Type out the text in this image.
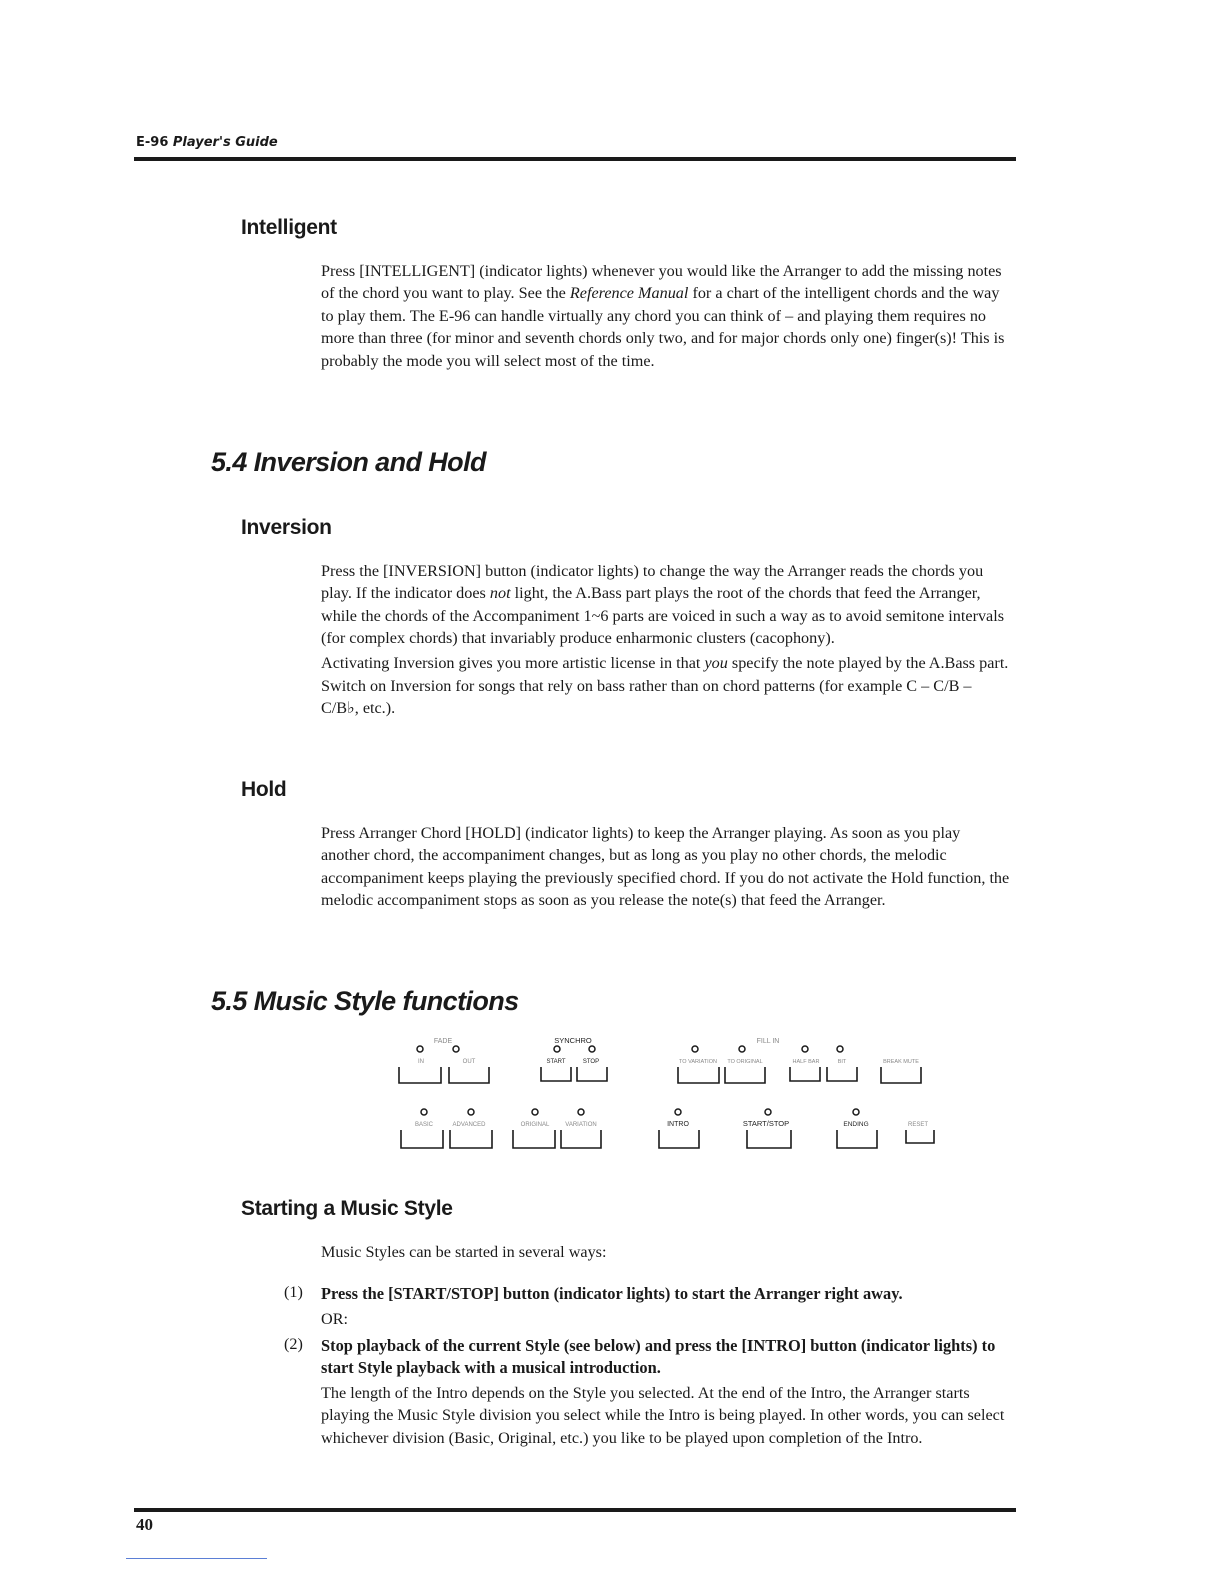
E-96 Player's Guide
Intelligent

Press [INTELLIGENT] (indicator lights) whenever you would like the Arranger to add the missing notes of the chord you want to play. See the Reference Manual for a chart of the intelligent chords and the way to play them. The E-96 can handle virtually any chord you can think of – and playing them requires no more than three (for minor and seventh chords only two, and for major chords only one) finger(s)! This is probably the mode you will select most of the time.

5.4 Inversion and Hold
Inversion

Press the [INVERSION] button (indicator lights) to change the way the Arranger reads the chords you play. If the indicator does not light, the A.Bass part plays the root of the chords that feed the Arranger, while the chords of the Accompaniment 1~6 parts are voiced in such a way as to avoid semitone intervals (for complex chords) that invariably produce enharmonic clusters (cacophony).

Activating Inversion gives you more artistic license in that you specify the note played by the A.Bass part. Switch on Inversion for songs that rely on bass rather than on chord patterns (for example C – C/B – C/B♭, etc.).

Hold

Press Arranger Chord [HOLD] (indicator lights) to keep the Arranger playing. As soon as you play another chord, the accompaniment changes, but as long as you play no other chords, the melodic accompaniment keeps playing the previously specified chord. If you do not activate the Hold function, the melodic accompaniment stops as soon as you release the note(s) that feed the Arranger.

5.5 Music Style functions
FADE
IN	OUT
SYNCHRO
START	STOP
FILL IN
TO VARIATION TO ORIGINAL	HALF BAR	BIT	BREAK MUTE
BASIC	ADVANCED	ORIGINAL	VARIATION	INTRO	START/STOP	ENDING	RESET
Starting a Music Style
Music Styles can be started in several ways:
(1) Press the [START/STOP] button (indicator lights) to start the Arranger right away.
OR:
(2) Stop playback of the current Style (see below) and press the [INTRO] button (indicator lights) to start Style playback with a musical introduction.

The length of the Intro depends on the Style you selected. At the end of the Intro, the Arranger starts playing the Music Style division you select while the Intro is being played. In other words, you can select whichever division (Basic, Original, etc.) you like to be played upon completion of the Intro.

40
